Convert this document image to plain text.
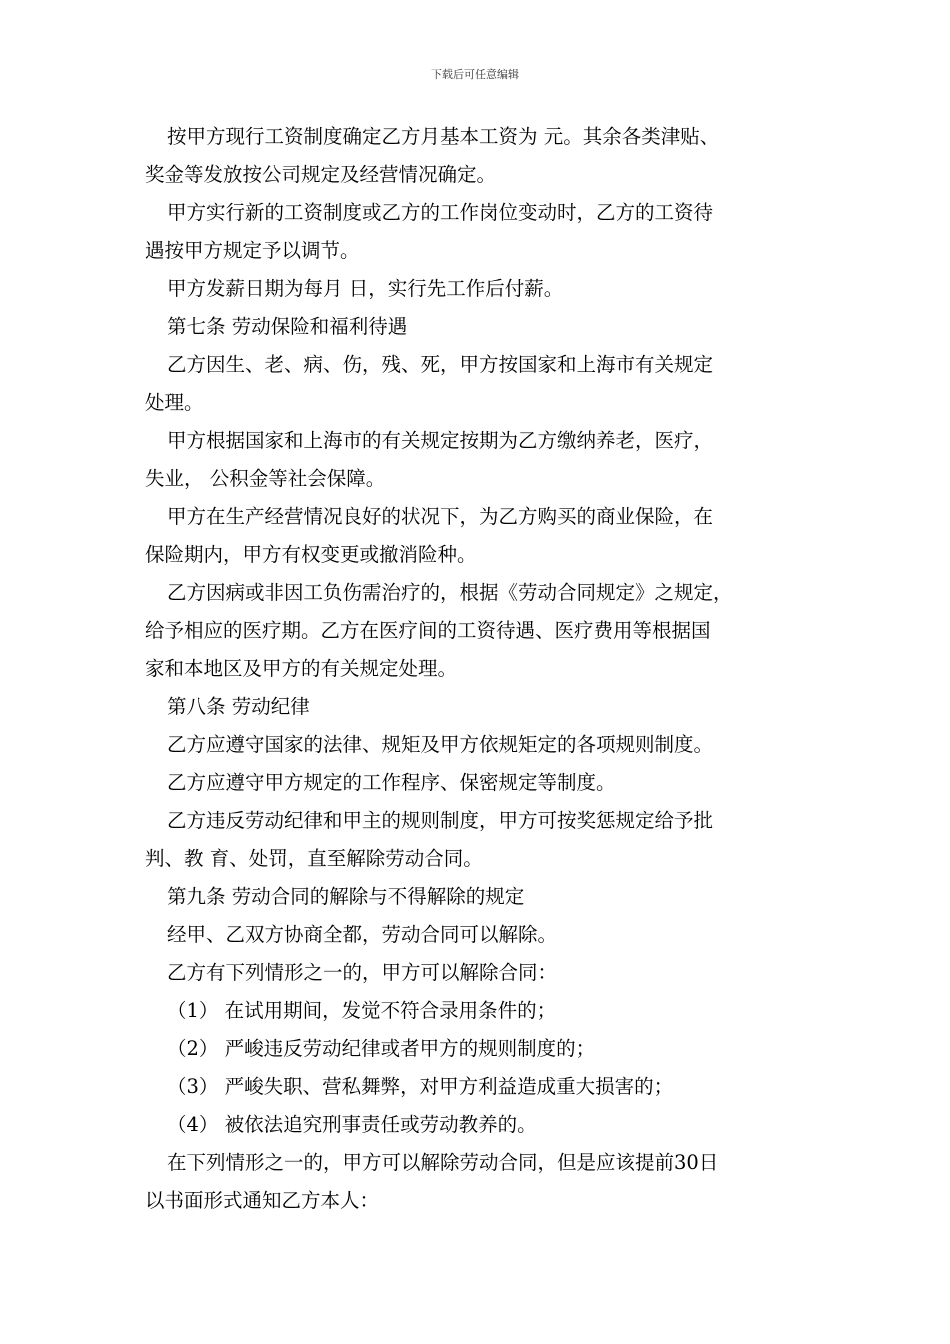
下载后可任意编辑
按甲方现行工资制度确定乙方月基本工资为 元。其余各类津贴、
奖金等发放按公司规定及经营情况确定。
甲方实行新的工资制度或乙方的工作岗位变动时，乙方的工资待
遇按甲方规定予以调节。
甲方发薪日期为每月 日，实行先工作后付薪。
第七条 劳动保险和福利待遇
乙方因生、老、病、伤，残、死，甲方按国家和上海市有关规定
处理。
甲方根据国家和上海市的有关规定按期为乙方缴纳养老，医疗，
失业， 公积金等社会保障。
甲方在生产经营情况良好的状况下，为乙方购买的商业保险，在
保险期内，甲方有权变更或撤消险种。
乙方因病或非因工负伤需治疗的，根据《劳动合同规定》之规定，
给予相应的医疗期。乙方在医疗间的工资待遇、医疗费用等根据国
家和本地区及甲方的有关规定处理。
第八条 劳动纪律
乙方应遵守国家的法律、规矩及甲方依规矩定的各项规则制度。
乙方应遵守甲方规定的工作程序、保密规定等制度。
乙方违反劳动纪律和甲主的规则制度，甲方可按奖惩规定给予批
判、教 育、处罚，直至解除劳动合同。
第九条 劳动合同的解除与不得解除的规定
经甲、乙双方协商全都，劳动合同可以解除。
乙方有下列情形之一的，甲方可以解除合同：
（1） 在试用期间，发觉不符合录用条件的；
（2） 严峻违反劳动纪律或者甲方的规则制度的；
（3） 严峻失职、营私舞弊，对甲方利益造成重大损害的；
（4） 被依法追究刑事责任或劳动教养的。
在下列情形之一的，甲方可以解除劳动合同，但是应该提前30日
以书面形式通知乙方本人：
